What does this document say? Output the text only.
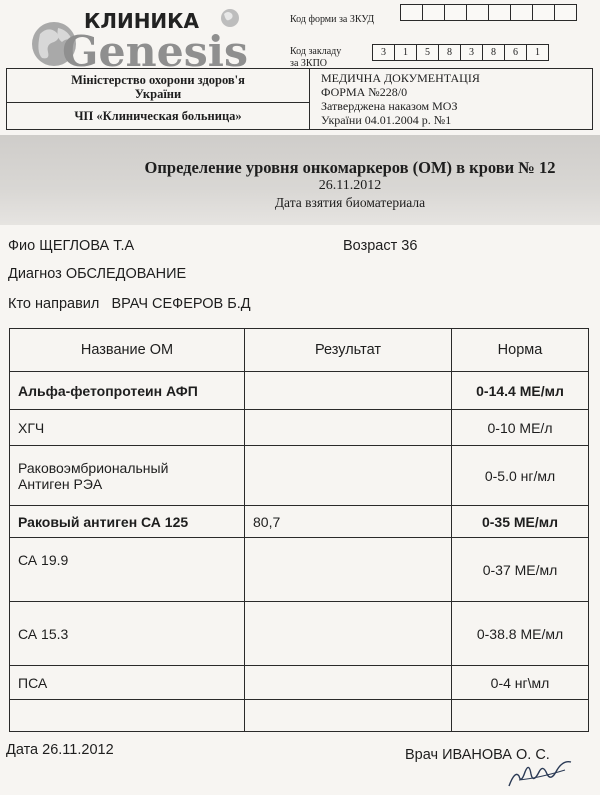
КЛИНИКА
Genesis
Код форми за ЗКУД
Код закладу
за ЗКПО
3	1	5	8	3	8	6	1
Міністерство охорони здоров'я
України
ЧП «Клиническая больница»
МЕДИЧНА ДОКУМЕНТАЦІЯ
ФОРМА №228/0
Затверджена наказом МОЗ
України 04.01.2004 р. №1
Определение уровня онкомаркеров (ОМ) в крови № 12
26.11.2012
Дата взятия биоматериала
Фио ЩЕГЛОВА Т.А	Возраст 36
Диагноз ОБСЛЕДОВАНИЕ
Кто направил ВРАЧ СЕФЕРОВ Б.Д
Название ОМ	Результат	Норма
Альфа-фетопротеин АФП		0-14.4 МЕ/мл
ХГЧ		0-10 МЕ/л

Раковоэмбриональный
Антиген РЭА		0-5.0 нг/мл
Раковый антиген СА 125	80,7	0-35 МЕ/мл
СА 19.9		0-37 МЕ/мл
СА 15.3		0-38.8 МЕ/мл
ПСА		0-4 нг\мл

Дата 26.11.2012	Врач ИВАНОВА О. С.
